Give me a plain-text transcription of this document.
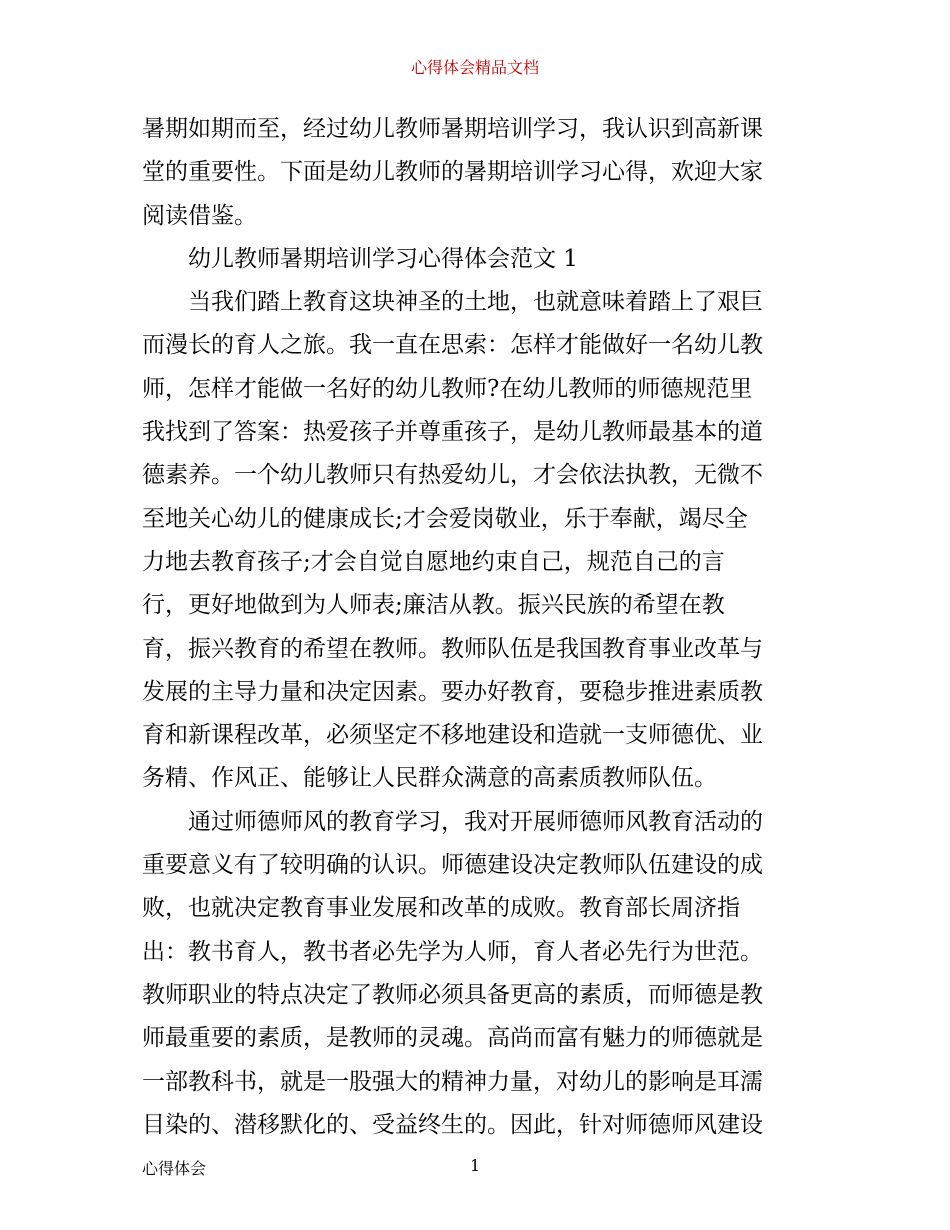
心得体会精品文档

暑期如期而至，经过幼儿教师暑期培训学习，我认识到高新课

堂的重要性。下面是幼儿教师的暑期培训学习心得，欢迎大家

阅读借鉴。

幼儿教师暑期培训学习心得体会范文 1

当我们踏上教育这块神圣的土地，也就意味着踏上了艰巨

而漫长的育人之旅。我一直在思索：怎样才能做好一名幼儿教

师，怎样才能做一名好的幼儿教师?在幼儿教师的师德规范里

我找到了答案：热爱孩子并尊重孩子，是幼儿教师最基本的道

德素养。一个幼儿教师只有热爱幼儿，才会依法执教，无微不

至地关心幼儿的健康成长;才会爱岗敬业，乐于奉献，竭尽全

力地去教育孩子;才会自觉自愿地约束自己，规范自己的言

行，更好地做到为人师表;廉洁从教。振兴民族的希望在教

育，振兴教育的希望在教师。教师队伍是我国教育事业改革与

发展的主导力量和决定因素。要办好教育，要稳步推进素质教

育和新课程改革，必须坚定不移地建设和造就一支师德优、业

务精、作风正、能够让人民群众满意的高素质教师队伍。

通过师德师风的教育学习，我对开展师德师风教育活动的

重要意义有了较明确的认识。师德建设决定教师队伍建设的成

败，也就决定教育事业发展和改革的成败。教育部长周济指

出：教书育人，教书者必先学为人师，育人者必先行为世范。

教师职业的特点决定了教师必须具备更高的素质，而师德是教

师最重要的素质，是教师的灵魂。高尚而富有魅力的师德就是

一部教科书，就是一股强大的精神力量，对幼儿的影响是耳濡

目染的、潜移默化的、受益终生的。因此，针对师德师风建设

心得体会	1
